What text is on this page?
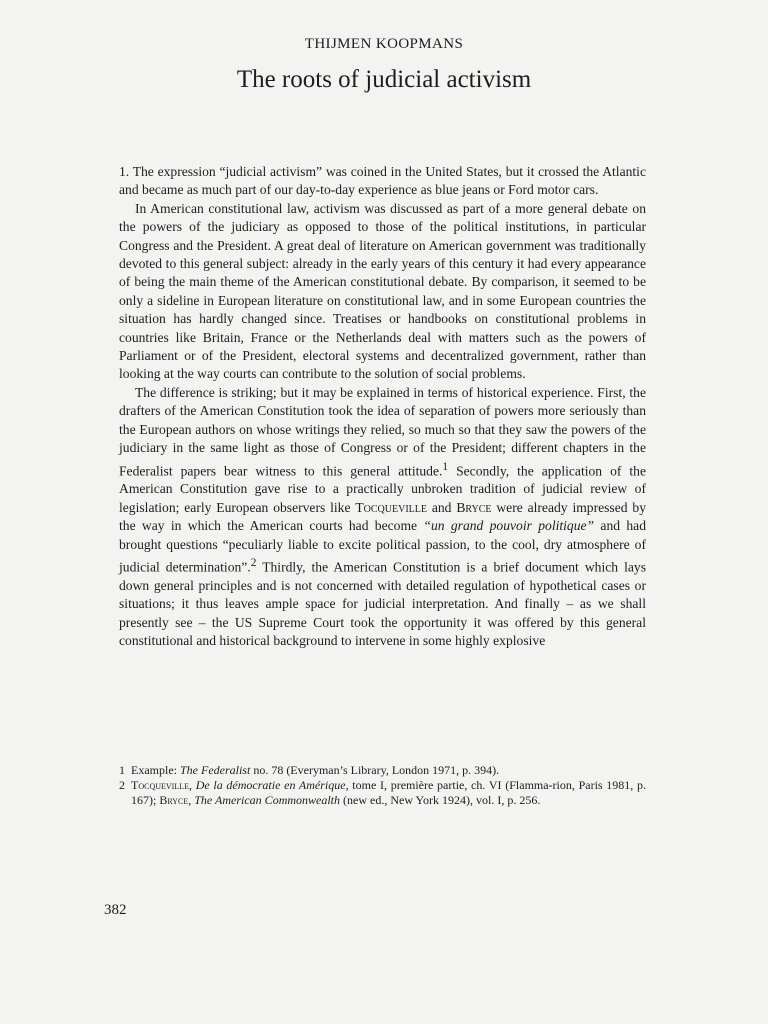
THIJMEN KOOPMANS
The roots of judicial activism

1. The expression “judicial activism” was coined in the United States, but it crossed the Atlantic and became as much part of our day-to-day experience as blue jeans or Ford motor cars.

In American constitutional law, activism was discussed as part of a more general debate on the powers of the judiciary as opposed to those of the political institutions, in particular Congress and the President. A great deal of literature on American government was traditionally devoted to this general subject: already in the early years of this century it had every appearance of being the main theme of the American constitutional debate. By comparison, it seemed to be only a sideline in European literature on constitutional law, and in some European countries the situation has hardly changed since. Treatises or handbooks on constitutional problems in countries like Britain, France or the Netherlands deal with matters such as the powers of Parliament or of the President, electoral systems and decentralized government, rather than looking at the way courts can contribute to the solution of social problems.

The difference is striking; but it may be explained in terms of historical experience. First, the drafters of the American Constitution took the idea of separation of powers more seriously than the European authors on whose writings they relied, so much so that they saw the powers of the judiciary in the same light as those of Congress or of the President; different chapters in the Federalist papers bear witness to this general attitude.$^1$ Secondly, the application of the American Constitution gave rise to a practically unbroken tradition of judicial review of legislation; early European observers like Tocqueville and Bryce were already impressed by the way in which the American courts had become “un grand pouvoir politique” and had brought questions “peculiarly liable to excite political passion, to the cool, dry atmosphere of judicial determination”.$^2$ Thirdly, the American Constitution is a brief document which lays down general principles and is not concerned with detailed regulation of hypothetical cases or situations; it thus leaves ample space for judicial interpretation. And finally – as we shall presently see – the US Supreme Court took the opportunity it was offered by this general constitutional and historical background to intervene in some highly explosive

1 Example: The Federalist no. 78 (Everyman’s Library, London 1971, p. 394).
2 Tocqueville, De la démocratie en Amérique, tome I, première partie, ch. VI (Flamma-rion, Paris 1981, p. 167); Bryce, The American Commonwealth (new ed., New York 1924), vol. I, p. 256.
382
